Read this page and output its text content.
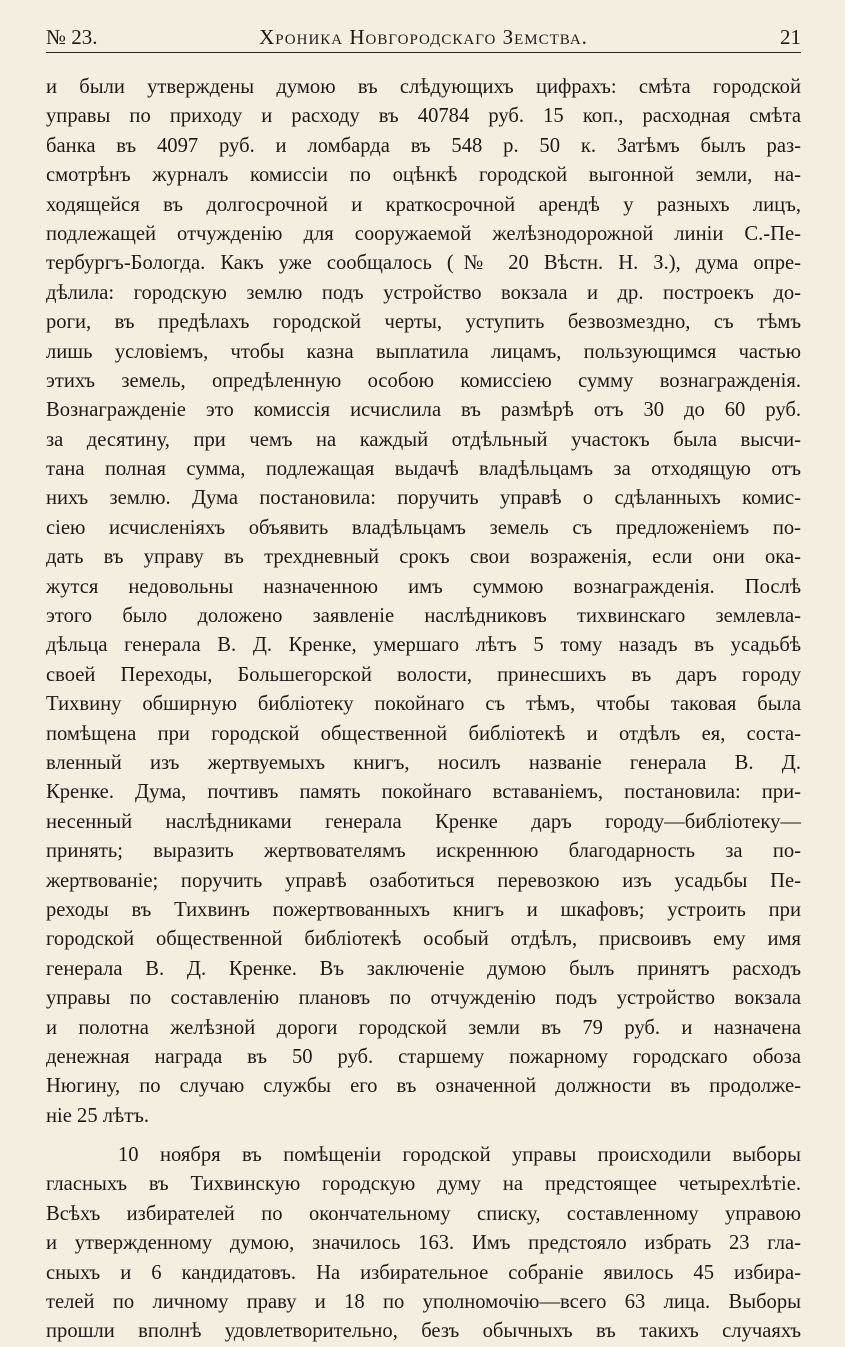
№ 23.	Хроника Новгородскаго Земства.	21
и были утверждены думою въ слѣдующихъ цифрахъ: смѣта городской
управы по приходу и расходу въ 40784 руб. 15 коп., расходная смѣта
банка въ 4097 руб. и ломбарда въ 548 р. 50 к. Затѣмъ былъ раз-
смотрѣнъ журналъ комиссіи по оцѣнкѣ городской выгонной земли, на-
ходящейся въ долгосрочной и краткосрочной арендѣ у разныхъ лицъ,
подлежащей отчужденію для сооружаемой желѣзнодорожной линіи С.-Пе-
тербургъ-Бологда. Какъ уже сообщалось (№ 20 Вѣстн. Н. З.), дума опре-
дѣлила: городскую землю подъ устройство вокзала и др. построекъ до-
роги, въ предѣлахъ городской черты, уступить безвозмездно, съ тѣмъ
лишь условіемъ, чтобы казна выплатила лицамъ, пользующимся частью
этихъ земель, опредѣленную особою комиссіею сумму вознагражденія.
Вознагражденіе это комиссія исчислила въ размѣрѣ отъ 30 до 60 руб.
за десятину, при чемъ на каждый отдѣльный участокъ была высчи-
тана полная сумма, подлежащая выдачѣ владѣльцамъ за отходящую отъ
нихъ землю. Дума постановила: поручить управѣ о сдѣланныхъ комис-
сіею исчисленіяхъ объявить владѣльцамъ земель съ предложеніемъ по-
дать въ управу въ трехдневный срокъ свои возраженія, если они ока-
жутся недовольны назначенною имъ суммою вознагражденія. Послѣ
этого было доложено заявленіе наслѣдниковъ тихвинскаго землевла-
дѣльца генерала В. Д. Кренке, умершаго лѣтъ 5 тому назадъ въ усадьбѣ
своей Переходы, Большегорской волости, принесшихъ въ даръ городу
Тихвину обширную библіотеку покойнаго съ тѣмъ, чтобы таковая была
помѣщена при городской общественной библіотекѣ и отдѣлъ ея, соста-
вленный изъ жертвуемыхъ книгъ, носилъ названіе генерала В. Д.
Кренке. Дума, почтивъ память покойнаго вставаніемъ, постановила: при-
несенный наслѣдниками генерала Кренке даръ городу—библіотеку—
принять; выразить жертвователямъ искреннюю благодарность за по-
жертвованіе; поручить управѣ озаботиться перевозкою изъ усадьбы Пе-
реходы въ Тихвинъ пожертвованныхъ книгъ и шкафовъ; устроить при
городской общественной библіотекѣ особый отдѣлъ, присвоивъ ему имя
генерала В. Д. Кренке. Въ заключеніе думою былъ принятъ расходъ
управы по составленію плановъ по отчужденію подъ устройство вокзала
и полотна желѣзной дороги городской земли въ 79 руб. и назначена
денежная награда въ 50 руб. старшему пожарному городскаго обоза
Нюгину, по случаю службы его въ означенной должности въ продолже-
ніе 25 лѣтъ.
10 ноября въ помѣщеніи городской управы происходили выборы
гласныхъ въ Тихвинскую городскую думу на предстоящее четырехлѣтіе.
Всѣхъ избирателей по окончательному списку, составленному управою
и утвержденному думою, значилось 163. Имъ предстояло избрать 23 гла-
сныхъ и 6 кандидатовъ. На избирательное собраніе явилось 45 избира-
телей по личному праву и 18 по уполномочію—всего 63 лица. Выборы
прошли вполнѣ удовлетворительно, безъ обычныхъ въ такихъ случаяхъ
